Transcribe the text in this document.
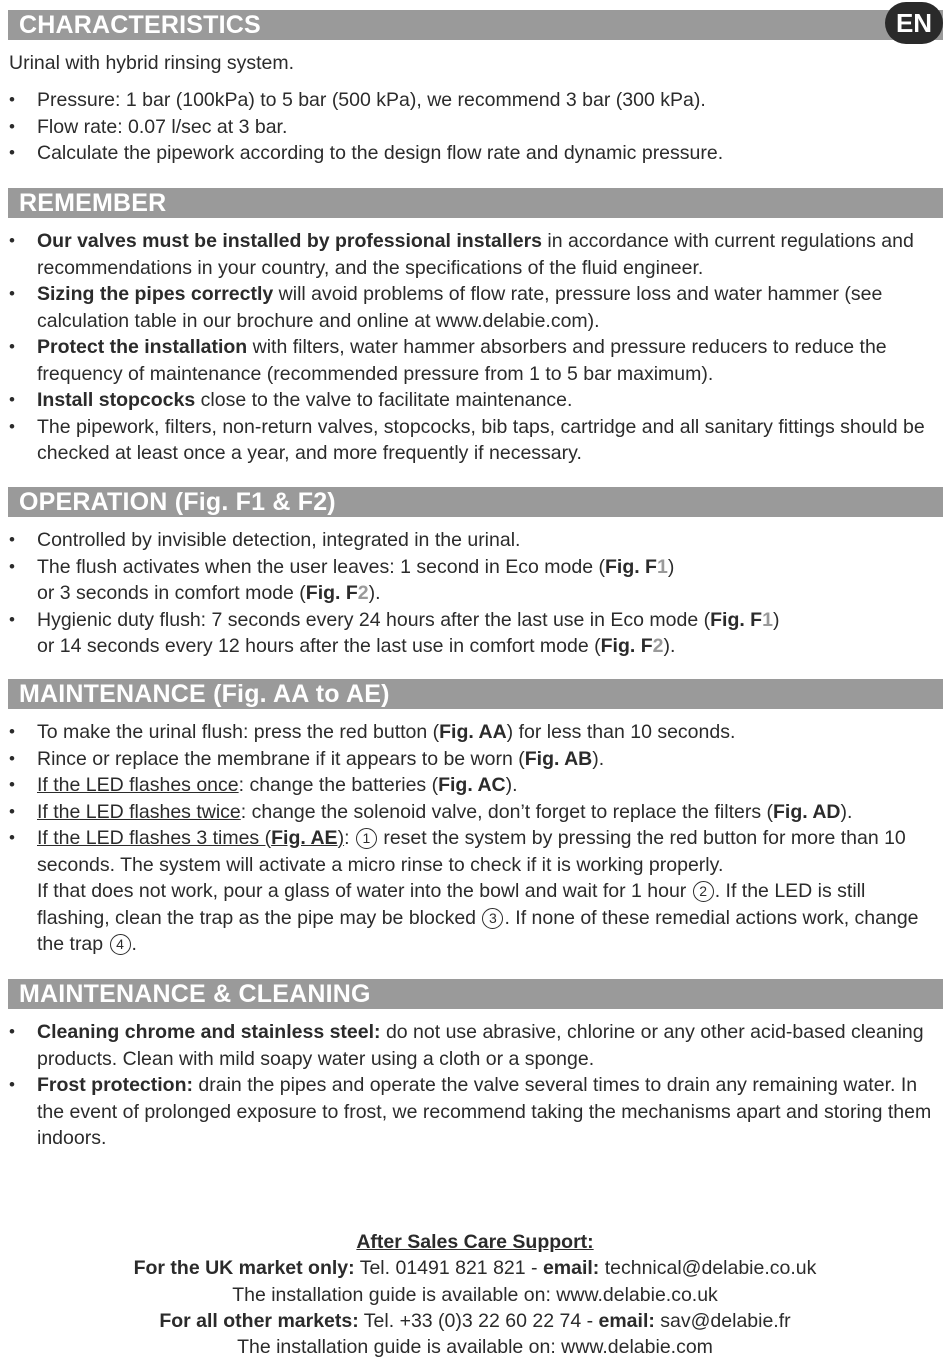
CHARACTERISTICS	EN
Urinal with hybrid rinsing system.
• Pressure: 1 bar (100kPa) to 5 bar (500 kPa), we recommend 3 bar (300 kPa).
• Flow rate: 0.07 l/sec at 3 bar.
• Calculate the pipework according to the design flow rate and dynamic pressure.
REMEMBER
• Our valves must be installed by professional installers in accordance with current regulations and recommendations in your country, and the specifications of the fluid engineer.
• Sizing the pipes correctly will avoid problems of flow rate, pressure loss and water hammer (see calculation table in our brochure and online at www.delabie.com).
• Protect the installation with filters, water hammer absorbers and pressure reducers to reduce the frequency of maintenance (recommended pressure from 1 to 5 bar maximum).
• Install stopcocks close to the valve to facilitate maintenance.
• The pipework, filters, non-return valves, stopcocks, bib taps, cartridge and all sanitary fittings should be checked at least once a year, and more frequently if necessary.
OPERATION (Fig. F1 & F2)
• Controlled by invisible detection, integrated in the urinal.
• The flush activates when the user leaves: 1 second in Eco mode (Fig. F1)
or 3 seconds in comfort mode (Fig. F2).
• Hygienic duty flush: 7 seconds every 24 hours after the last use in Eco mode (Fig. F1)
or 14 seconds every 12 hours after the last use in comfort mode (Fig. F2).
MAINTENANCE (Fig. AA to AE)
• To make the urinal flush: press the red button (Fig. AA) for less than 10 seconds.
• Rince or replace the membrane if it appears to be worn (Fig. AB).
• If the LED flashes once: change the batteries (Fig. AC).
• If the LED flashes twice: change the solenoid valve, don’t forget to replace the filters (Fig. AD).
• If the LED flashes 3 times (Fig. AE): 1 reset the system by pressing the red button for more than 10 seconds. The system will activate a micro rinse to check if it is working properly.
If that does not work, pour a glass of water into the bowl and wait for 1 hour 2 . If the LED is still flashing, clean the trap as the pipe may be blocked 3 . If none of these remedial actions work, change the trap 4 .
MAINTENANCE & CLEANING
• Cleaning chrome and stainless steel: do not use abrasive, chlorine or any other acid-based cleaning products. Clean with mild soapy water using a cloth or a sponge.
• Frost protection: drain the pipes and operate the valve several times to drain any remaining water. In the event of prolonged exposure to frost, we recommend taking the mechanisms apart and storing them indoors.
After Sales Care Support:
For the UK market only: Tel. 01491 821 821 - email: technical@delabie.co.uk
The installation guide is available on: www.delabie.co.uk
For all other markets: Tel. +33 (0)3 22 60 22 74 - email: sav@delabie.fr
The installation guide is available on: www.delabie.com
